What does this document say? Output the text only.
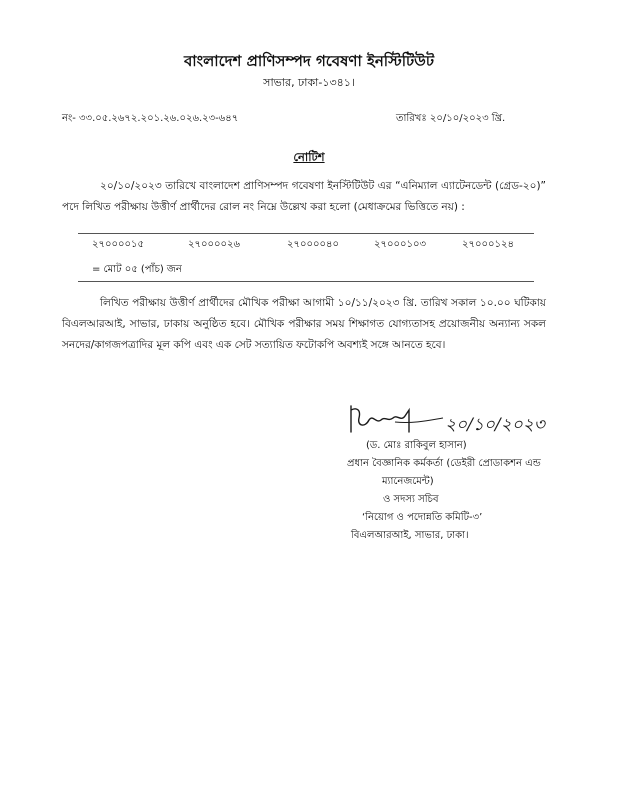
বাংলাদেশ প্রাণিসম্পদ গবেষণা ইনস্টিটিউট
সাভার, ঢাকা-১৩৪১।
নং- ৩৩.০৫.২৬৭২.২০১.২৬.০২৬.২৩-৬৪৭	তারিখঃ ২০/১০/২০২৩ খ্রি.
নোটিশ
২০/১০/২০২৩ তারিখে বাংলাদেশ প্রাণিসম্পদ গবেষণা ইনস্টিটিউট এর “এনিম্যাল এ্যাটেনডেন্ট (গ্রেড-২০)” পদে লিখিত পরীক্ষায় উত্তীর্ণ প্রার্থীদের রোল নং নিম্নে উল্লেখ করা হলো (মেধাক্রমের ভিত্তিতে নয়) :
২৭০০০০১৫	২৭০০০০২৬	২৭০০০০৪০	২৭০০০১০৩	২৭০০০১২৪
= মোট ০৫ (পাঁচ) জন
লিখিত পরীক্ষায় উত্তীর্ণ প্রার্থীদের মৌখিক পরীক্ষা আগামী ১০/১১/২০২৩ খ্রি. তারিখ সকাল ১০.০০ ঘটিকায় বিএলআরআই, সাভার, ঢাকায় অনুষ্ঠিত হবে। মৌখিক পরীক্ষার সময় শিক্ষাগত যোগ্যতাসহ প্রয়োজনীয় অন্যান্য সকল সনদের/কাগজপত্রাদির মূল কপি এবং এক সেট সত্যায়িত ফটোকপি অবশ্যই সঙ্গে আনতে হবে।
২০/১০/২০২৩
(ড. মোঃ রাকিবুল হাসান)
প্রধান বৈজ্ঞানিক কর্মকর্তা (ডেইরী প্রোডাকশন এন্ড
ম্যানেজমেন্ট)
ও সদস্য সচিব
‘নিয়োগ ও পদোন্নতি কমিটি-৩’
বিএলআরআই, সাভার, ঢাকা।
